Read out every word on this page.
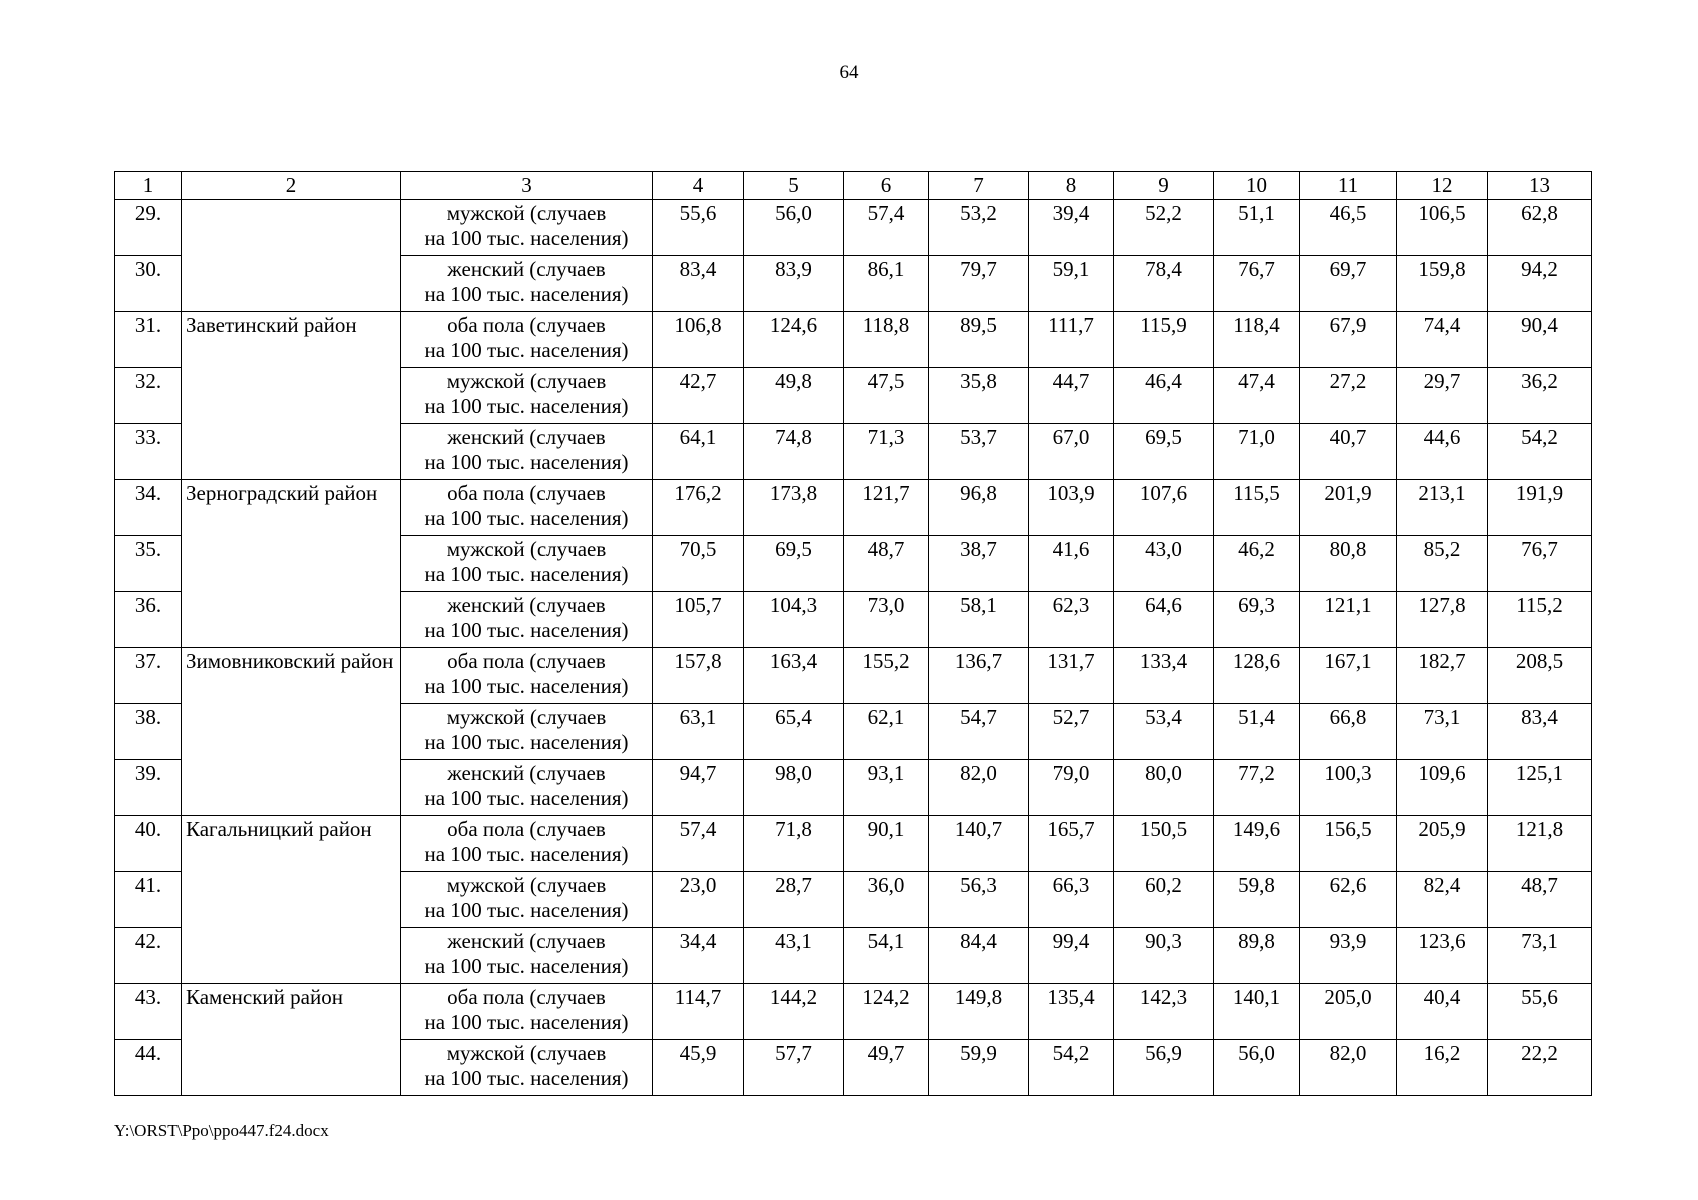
64
1	2	3	4	5	6	7	8	9	10	11	12	13
29.		мужской (случаев
на 100 тыс. населения)	55,6	56,0	57,4	53,2	39,4	52,2	51,1	46,5	106,5	62,8
30.		женский (случаев
на 100 тыс. населения)	83,4	83,9	86,1	79,7	59,1	78,4	76,7	69,7	159,8	94,2
31.	Заветинский район	оба пола (случаев
на 100 тыс. населения)	106,8	124,6	118,8	89,5	111,7	115,9	118,4	67,9	74,4	90,4
32.		мужской (случаев
на 100 тыс. населения)	42,7	49,8	47,5	35,8	44,7	46,4	47,4	27,2	29,7	36,2
33.		женский (случаев
на 100 тыс. населения)	64,1	74,8	71,3	53,7	67,0	69,5	71,0	40,7	44,6	54,2
34.	Зерноградский район	оба пола (случаев
на 100 тыс. населения)	176,2	173,8	121,7	96,8	103,9	107,6	115,5	201,9	213,1	191,9
35.		мужской (случаев
на 100 тыс. населения)	70,5	69,5	48,7	38,7	41,6	43,0	46,2	80,8	85,2	76,7
36.		женский (случаев
на 100 тыс. населения)	105,7	104,3	73,0	58,1	62,3	64,6	69,3	121,1	127,8	115,2
37.	Зимовниковский район	оба пола (случаев
на 100 тыс. населения)	157,8	163,4	155,2	136,7	131,7	133,4	128,6	167,1	182,7	208,5
38.		мужской (случаев
на 100 тыс. населения)	63,1	65,4	62,1	54,7	52,7	53,4	51,4	66,8	73,1	83,4
39.		женский (случаев
на 100 тыс. населения)	94,7	98,0	93,1	82,0	79,0	80,0	77,2	100,3	109,6	125,1
40.	Кагальницкий район	оба пола (случаев
на 100 тыс. населения)	57,4	71,8	90,1	140,7	165,7	150,5	149,6	156,5	205,9	121,8
41.		мужской (случаев
на 100 тыс. населения)	23,0	28,7	36,0	56,3	66,3	60,2	59,8	62,6	82,4	48,7
42.		женский (случаев
на 100 тыс. населения)	34,4	43,1	54,1	84,4	99,4	90,3	89,8	93,9	123,6	73,1
43.	Каменский район	оба пола (случаев
на 100 тыс. населения)	114,7	144,2	124,2	149,8	135,4	142,3	140,1	205,0	40,4	55,6
44.		мужской (случаев
на 100 тыс. населения)	45,9	57,7	49,7	59,9	54,2	56,9	56,0	82,0	16,2	22,2
Y:\ORST\Ppo\ppo447.f24.docx
